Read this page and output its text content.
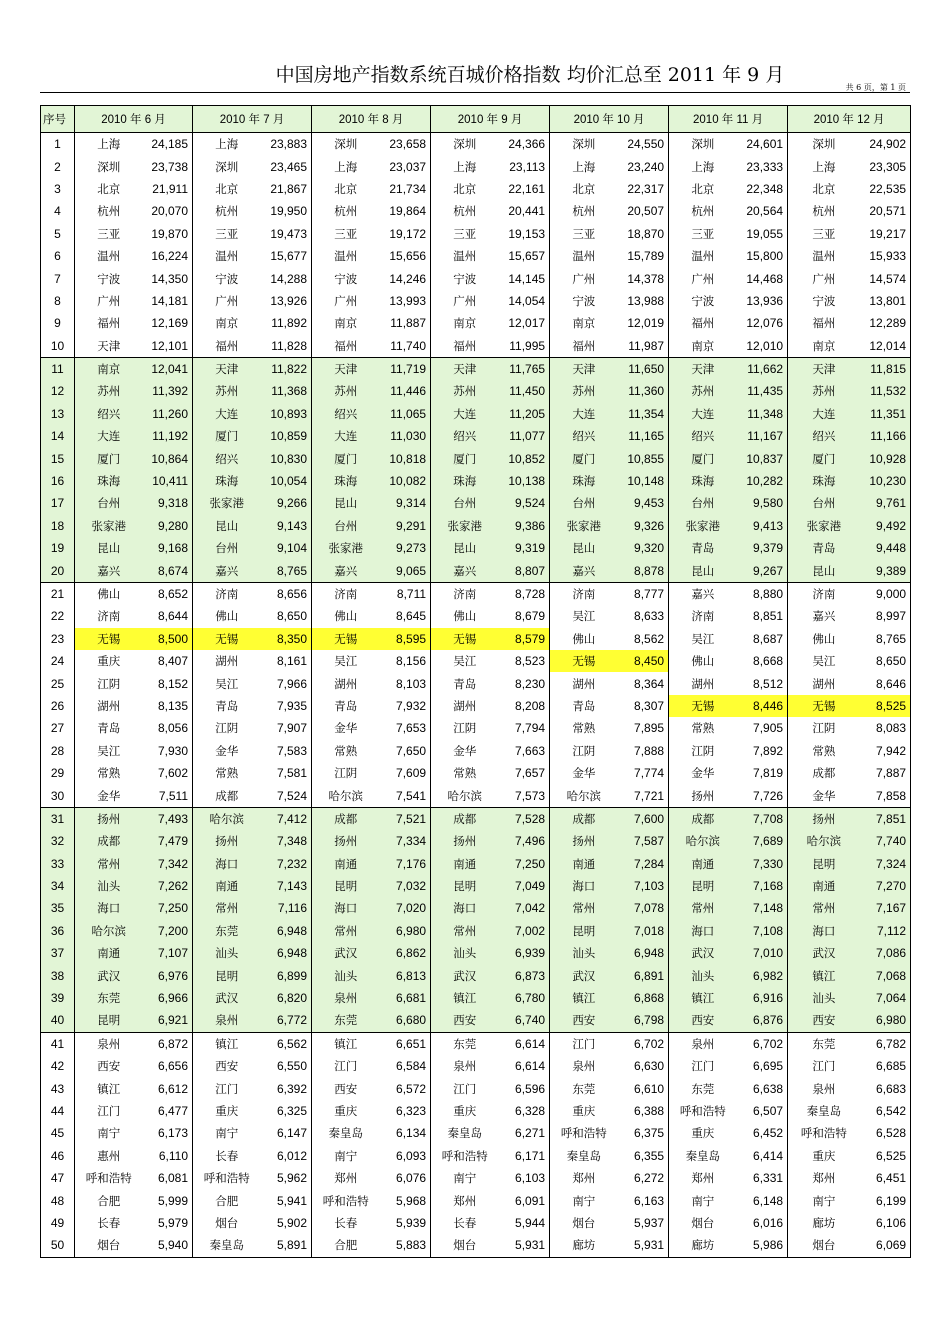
中国房地产指数系统百城价格指数 均价汇总至 2011 年 9 月
共 6 页，第 1 页
序号	2010 年 6 月		2010 年 7 月		2010 年 8 月		2010 年 9 月		2010 年 10 月		2010 年 11 月		2010 年 12 月	
1	上海	24,185	上海	23,883	深圳	23,658	深圳	24,366	深圳	24,550	深圳	24,601	深圳	24,902
2	深圳	23,738	深圳	23,465	上海	23,037	上海	23,113	上海	23,240	上海	23,333	上海	23,305
3	北京	21,911	北京	21,867	北京	21,734	北京	22,161	北京	22,317	北京	22,348	北京	22,535
4	杭州	20,070	杭州	19,950	杭州	19,864	杭州	20,441	杭州	20,507	杭州	20,564	杭州	20,571
5	三亚	19,870	三亚	19,473	三亚	19,172	三亚	19,153	三亚	18,870	三亚	19,055	三亚	19,217
6	温州	16,224	温州	15,677	温州	15,656	温州	15,657	温州	15,789	温州	15,800	温州	15,933
7	宁波	14,350	宁波	14,288	宁波	14,246	宁波	14,145	广州	14,378	广州	14,468	广州	14,574
8	广州	14,181	广州	13,926	广州	13,993	广州	14,054	宁波	13,988	宁波	13,936	宁波	13,801
9	福州	12,169	南京	11,892	南京	11,887	南京	12,017	南京	12,019	福州	12,076	福州	12,289
10	天津	12,101	福州	11,828	福州	11,740	福州	11,995	福州	11,987	南京	12,010	南京	12,014
11	南京	12,041	天津	11,822	天津	11,719	天津	11,765	天津	11,650	天津	11,662	天津	11,815
12	苏州	11,392	苏州	11,368	苏州	11,446	苏州	11,450	苏州	11,360	苏州	11,435	苏州	11,532
13	绍兴	11,260	大连	10,893	绍兴	11,065	大连	11,205	大连	11,354	大连	11,348	大连	11,351
14	大连	11,192	厦门	10,859	大连	11,030	绍兴	11,077	绍兴	11,165	绍兴	11,167	绍兴	11,166
15	厦门	10,864	绍兴	10,830	厦门	10,818	厦门	10,852	厦门	10,855	厦门	10,837	厦门	10,928
16	珠海	10,411	珠海	10,054	珠海	10,082	珠海	10,138	珠海	10,148	珠海	10,282	珠海	10,230
17	台州	9,318	张家港	9,266	昆山	9,314	台州	9,524	台州	9,453	台州	9,580	台州	9,761
18	张家港	9,280	昆山	9,143	台州	9,291	张家港	9,386	张家港	9,326	张家港	9,413	张家港	9,492
19	昆山	9,168	台州	9,104	张家港	9,273	昆山	9,319	昆山	9,320	青岛	9,379	青岛	9,448
20	嘉兴	8,674	嘉兴	8,765	嘉兴	9,065	嘉兴	8,807	嘉兴	8,878	昆山	9,267	昆山	9,389
21	佛山	8,652	济南	8,656	济南	8,711	济南	8,728	济南	8,777	嘉兴	8,880	济南	9,000
22	济南	8,644	佛山	8,650	佛山	8,645	佛山	8,679	吴江	8,633	济南	8,851	嘉兴	8,997
23	无锡	8,500	无锡	8,350	无锡	8,595	无锡	8,579	佛山	8,562	吴江	8,687	佛山	8,765
24	重庆	8,407	湖州	8,161	吴江	8,156	吴江	8,523	无锡	8,450	佛山	8,668	吴江	8,650
25	江阴	8,152	吴江	7,966	湖州	8,103	青岛	8,230	湖州	8,364	湖州	8,512	湖州	8,646
26	湖州	8,135	青岛	7,935	青岛	7,932	湖州	8,208	青岛	8,307	无锡	8,446	无锡	8,525
27	青岛	8,056	江阴	7,907	金华	7,653	江阴	7,794	常熟	7,895	常熟	7,905	江阴	8,083
28	吴江	7,930	金华	7,583	常熟	7,650	金华	7,663	江阴	7,888	江阴	7,892	常熟	7,942
29	常熟	7,602	常熟	7,581	江阴	7,609	常熟	7,657	金华	7,774	金华	7,819	成都	7,887
30	金华	7,511	成都	7,524	哈尔滨	7,541	哈尔滨	7,573	哈尔滨	7,721	扬州	7,726	金华	7,858
31	扬州	7,493	哈尔滨	7,412	成都	7,521	成都	7,528	成都	7,600	成都	7,708	扬州	7,851
32	成都	7,479	扬州	7,348	扬州	7,334	扬州	7,496	扬州	7,587	哈尔滨	7,689	哈尔滨	7,740
33	常州	7,342	海口	7,232	南通	7,176	南通	7,250	南通	7,284	南通	7,330	昆明	7,324
34	汕头	7,262	南通	7,143	昆明	7,032	昆明	7,049	海口	7,103	昆明	7,168	南通	7,270
35	海口	7,250	常州	7,116	海口	7,020	海口	7,042	常州	7,078	常州	7,148	常州	7,167
36	哈尔滨	7,200	东莞	6,948	常州	6,980	常州	7,002	昆明	7,018	海口	7,108	海口	7,112
37	南通	7,107	汕头	6,948	武汉	6,862	汕头	6,939	汕头	6,948	武汉	7,010	武汉	7,086
38	武汉	6,976	昆明	6,899	汕头	6,813	武汉	6,873	武汉	6,891	汕头	6,982	镇江	7,068
39	东莞	6,966	武汉	6,820	泉州	6,681	镇江	6,780	镇江	6,868	镇江	6,916	汕头	7,064
40	昆明	6,921	泉州	6,772	东莞	6,680	西安	6,740	西安	6,798	西安	6,876	西安	6,980
41	泉州	6,872	镇江	6,562	镇江	6,651	东莞	6,614	江门	6,702	泉州	6,702	东莞	6,782
42	西安	6,656	西安	6,550	江门	6,584	泉州	6,614	泉州	6,630	江门	6,695	江门	6,685
43	镇江	6,612	江门	6,392	西安	6,572	江门	6,596	东莞	6,610	东莞	6,638	泉州	6,683
44	江门	6,477	重庆	6,325	重庆	6,323	重庆	6,328	重庆	6,388	呼和浩特	6,507	秦皇岛	6,542
45	南宁	6,173	南宁	6,147	秦皇岛	6,134	秦皇岛	6,271	呼和浩特	6,375	重庆	6,452	呼和浩特	6,528
46	惠州	6,110	长春	6,012	南宁	6,093	呼和浩特	6,171	秦皇岛	6,355	秦皇岛	6,414	重庆	6,525
47	呼和浩特	6,081	呼和浩特	5,962	郑州	6,076	南宁	6,103	郑州	6,272	郑州	6,331	郑州	6,451
48	合肥	5,999	合肥	5,941	呼和浩特	5,968	郑州	6,091	南宁	6,163	南宁	6,148	南宁	6,199
49	长春	5,979	烟台	5,902	长春	5,939	长春	5,944	烟台	5,937	烟台	6,016	廊坊	6,106
50	烟台	5,940	秦皇岛	5,891	合肥	5,883	烟台	5,931	廊坊	5,931	廊坊	5,986	烟台	6,069
